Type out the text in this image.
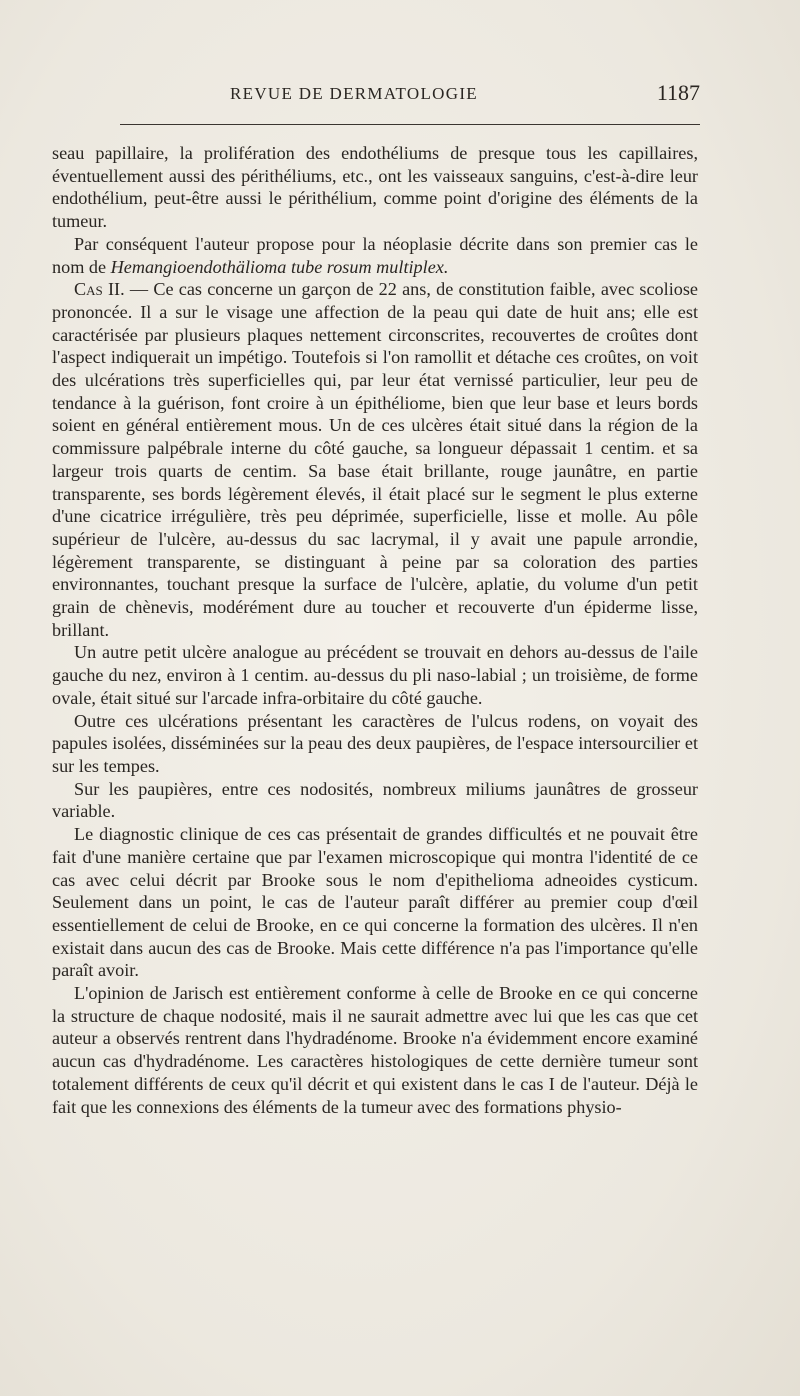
REVUE DE DERMATOLOGIE	1187

seau papillaire, la prolifération des endothéliums de presque tous les capillaires, éventuellement aussi des périthéliums, etc., ont les vaisseaux sanguins, c'est-à-dire leur endothélium, peut-être aussi le périthélium, comme point d'origine des éléments de la tumeur.

Par conséquent l'auteur propose pour la néoplasie décrite dans son premier cas le nom de Hemangioendothälioma tube rosum multiplex.

Cas II. — Ce cas concerne un garçon de 22 ans, de constitution faible, avec scoliose prononcée. Il a sur le visage une affection de la peau qui date de huit ans; elle est caractérisée par plusieurs plaques nettement circonscrites, recouvertes de croûtes dont l'aspect indiquerait un impétigo. Toutefois si l'on ramollit et détache ces croûtes, on voit des ulcérations très superficielles qui, par leur état vernissé particulier, leur peu de tendance à la guérison, font croire à un épithéliome, bien que leur base et leurs bords soient en général entièrement mous. Un de ces ulcères était situé dans la région de la commissure palpébrale interne du côté gauche, sa longueur dépassait 1 centim. et sa largeur trois quarts de centim. Sa base était brillante, rouge jaunâtre, en partie transparente, ses bords légèrement élevés, il était placé sur le segment le plus externe d'une cicatrice irrégulière, très peu déprimée, superficielle, lisse et molle. Au pôle supérieur de l'ulcère, au-dessus du sac lacrymal, il y avait une papule arrondie, légèrement transparente, se distinguant à peine par sa coloration des parties environnantes, touchant presque la surface de l'ulcère, aplatie, du volume d'un petit grain de chènevis, modérément dure au toucher et recouverte d'un épiderme lisse, brillant.

Un autre petit ulcère analogue au précédent se trouvait en dehors au-dessus de l'aile gauche du nez, environ à 1 centim. au-dessus du pli naso-labial ; un troisième, de forme ovale, était situé sur l'arcade infra-orbitaire du côté gauche.

Outre ces ulcérations présentant les caractères de l'ulcus rodens, on voyait des papules isolées, disséminées sur la peau des deux paupières, de l'espace intersourcilier et sur les tempes.

Sur les paupières, entre ces nodosités, nombreux miliums jaunâtres de grosseur variable.

Le diagnostic clinique de ces cas présentait de grandes difficultés et ne pouvait être fait d'une manière certaine que par l'examen microscopique qui montra l'identité de ce cas avec celui décrit par Brooke sous le nom d'epithelioma adneoides cysticum. Seulement dans un point, le cas de l'auteur paraît différer au premier coup d'œil essentiellement de celui de Brooke, en ce qui concerne la formation des ulcères. Il n'en existait dans aucun des cas de Brooke. Mais cette différence n'a pas l'importance qu'elle paraît avoir.

L'opinion de Jarisch est entièrement conforme à celle de Brooke en ce qui concerne la structure de chaque nodosité, mais il ne saurait admettre avec lui que les cas que cet auteur a observés rentrent dans l'hydradénome. Brooke n'a évidemment encore examiné aucun cas d'hydradénome. Les caractères histologiques de cette dernière tumeur sont totalement différents de ceux qu'il décrit et qui existent dans le cas I de l'auteur. Déjà le fait que les connexions des éléments de la tumeur avec des formations physio-
